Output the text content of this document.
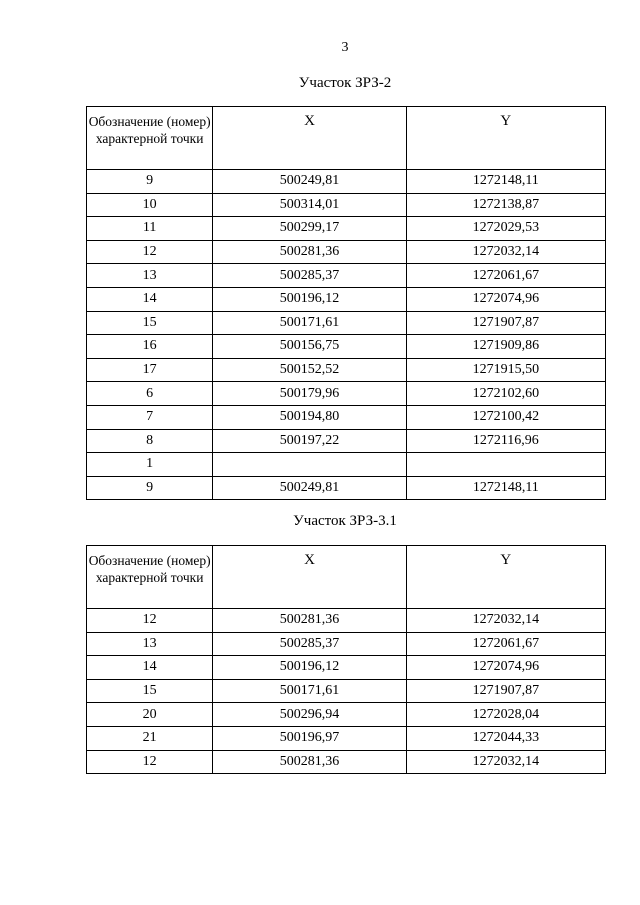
3
Участок ЗРЗ-2
Обозначение (номер) характерной точки	X	Y
9	500249,81	1272148,11
10	500314,01	1272138,87
11	500299,17	1272029,53
12	500281,36	1272032,14
13	500285,37	1272061,67
14	500196,12	1272074,96
15	500171,61	1271907,87
16	500156,75	1271909,86
17	500152,52	1271915,50
6	500179,96	1272102,60
7	500194,80	1272100,42
8	500197,22	1272116,96
1		
9	500249,81	1272148,11
Участок ЗРЗ-3.1
Обозначение (номер) характерной точки	X	Y
12	500281,36	1272032,14
13	500285,37	1272061,67
14	500196,12	1272074,96
15	500171,61	1271907,87
20	500296,94	1272028,04
21	500196,97	1272044,33
12	500281,36	1272032,14
